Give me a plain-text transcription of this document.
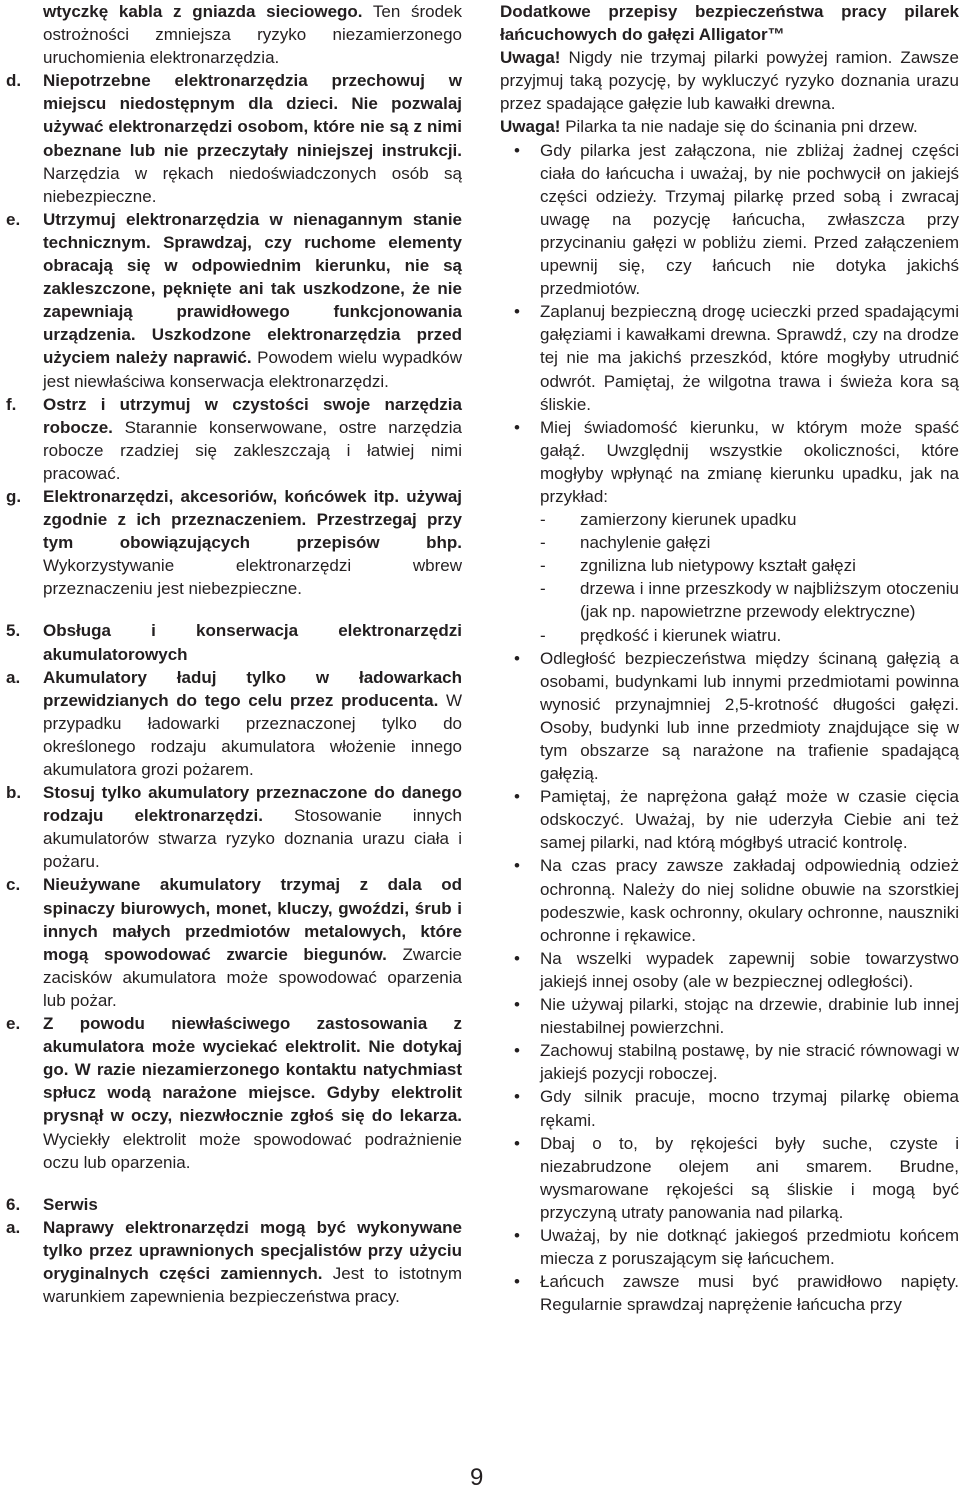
wtyczkę kabla z gniazda sieciowego. Ten środek ostrożności zmniejsza ryzyko niezamierzonego uruchomienia elektronarzędzia.

d. Niepotrzebne elektronarzędzia przechowuj w miejscu niedostępnym dla dzieci. Nie pozwalaj używać elektronarzędzi osobom, które nie są z nimi obeznane lub nie przeczytały niniejszej instrukcji. Narzędzia w rękach niedoświadczonych osób są niebezpieczne.

e. Utrzymuj elektronarzędzia w nienagannym stanie technicznym. Sprawdzaj, czy ruchome elementy obracają się w odpowiednim kierunku, nie są zakleszczone, pęknięte ani tak uszkodzone, że nie zapewniają prawidłowego funkcjonowania urządzenia. Uszkodzone elektronarzędzia przed użyciem należy naprawić. Powodem wielu wypadków jest niewłaściwa konserwacja elektronarzędzi.

f. Ostrz i utrzymuj w czystości swoje narzędzia robocze. Starannie konserwowane, ostre narzędzia robocze rzadziej się zakleszczają i łatwiej nimi pracować.

g. Elektronarzędzi, akcesoriów, końcówek itp. używaj zgodnie z ich przeznaczeniem. Przestrzegaj przy tym obowiązujących przepisów bhp. Wykorzystywanie elektronarzędzi wbrew przeznaczeniu jest niebezpieczne.

5. Obsługa i konserwacja elektronarzędzi akumulatorowych

a. Akumulatory ładuj tylko w ładowarkach przewidzianych do tego celu przez producenta. W przypadku ładowarki przeznaczonej tylko do określonego rodzaju akumulatora włożenie innego akumulatora grozi pożarem.

b. Stosuj tylko akumulatory przeznaczone do danego rodzaju elektronarzędzi. Stosowanie innych akumulatorów stwarza ryzyko doznania urazu ciała i pożaru.

c. Nieużywane akumulatory trzymaj z dala od spinaczy biurowych, monet, kluczy, gwoździ, śrub i innych małych przedmiotów metalowych, które mogą spowodować zwarcie biegunów. Zwarcie zacisków akumulatora może spowodować oparzenia lub pożar.

e. Z powodu niewłaściwego zastosowania z akumulatora może wyciekać elektrolit. Nie dotykaj go. W razie niezamierzonego kontaktu natychmiast spłucz wodą narażone miejsce. Gdyby elektrolit prysnął w oczy, niezwłocznie zgłoś się do lekarza. Wyciekły elektrolit może spowodować podrażnienie oczu lub oparzenia.

6. Serwis

a. Naprawy elektronarzędzi mogą być wykonywane tylko przez uprawnionych specjalistów przy użyciu oryginalnych części zamiennych. Jest to istotnym warunkiem zapewnienia bezpieczeństwa pracy.

Dodatkowe przepisy bezpieczeństwa pracy pilarek łańcuchowych do gałęzi Alligator™

Uwaga! Nigdy nie trzymaj pilarki powyżej ramion. Zawsze przyjmuj taką pozycję, by wykluczyć ryzyko doznania urazu przez spadające gałęzie lub kawałki drewna.

Uwaga! Pilarka ta nie nadaje się do ścinania pni drzew.

• Gdy pilarka jest załączona, nie zbliżaj żadnej części ciała do łańcucha i uważaj, by nie pochwycił on jakiejś części odzieży. Trzymaj pilarkę przed sobą i zwracaj uwagę na pozycję łańcucha, zwłaszcza przy przycinaniu gałęzi w pobliżu ziemi. Przed załączeniem upewnij się, czy łańcuch nie dotyka jakichś przedmiotów.

• Zaplanuj bezpieczną drogę ucieczki przed spadającymi gałęziami i kawałkami drewna. Sprawdź, czy na drodze tej nie ma jakichś przeszkód, które mogłyby utrudnić odwrót. Pamiętaj, że wilgotna trawa i świeża kora są śliskie.

• Miej świadomość kierunku, w którym może spaść gałąź. Uwzględnij wszystkie okoliczności, które mogłyby wpłynąć na zmianę kierunku upadku, jak na przykład:

- zamierzony kierunek upadku

- nachylenie gałęzi

- zgnilizna lub nietypowy kształt gałęzi

- drzewa i inne przeszkody w najbliższym otoczeniu (jak np. napowietrzne przewody elektryczne)

- prędkość i kierunek wiatru.

• Odległość bezpieczeństwa między ścinaną gałęzią a osobami, budynkami lub innymi przedmiotami powinna wynosić przynajmniej 2,5-krotność długości gałęzi. Osoby, budynki lub inne przedmioty znajdujące się w tym obszarze są narażone na trafienie spadającą gałęzią.

• Pamiętaj, że naprężona gałąź może w czasie cięcia odskoczyć. Uważaj, by nie uderzyła Ciebie ani też samej pilarki, nad którą mógłbyś utracić kontrolę.

• Na czas pracy zawsze zakładaj odpowiednią odzież ochronną. Należy do niej solidne obuwie na szorstkiej podeszwie, kask ochronny, okulary ochronne, nauszniki ochronne i rękawice.

• Na wszelki wypadek zapewnij sobie towarzystwo jakiejś innej osoby (ale w bezpiecznej odległości).

• Nie używaj pilarki, stojąc na drzewie, drabinie lub innej niestabilnej powierzchni.

• Zachowuj stabilną postawę, by nie stracić równowagi w jakiejś pozycji roboczej.

• Gdy silnik pracuje, mocno trzymaj pilarkę obiema rękami.

• Dbaj o to, by rękojeści były suche, czyste i niezabrudzone olejem ani smarem. Brudne, wysmarowane rękojeści są śliskie i mogą być przyczyną utraty panowania nad pilarką.

• Uważaj, by nie dotknąć jakiegoś przedmiotu końcem miecza z poruszającym się łańcuchem.

• Łańcuch zawsze musi być prawidłowo napięty. Regularnie sprawdzaj naprężenie łańcucha przy

9
